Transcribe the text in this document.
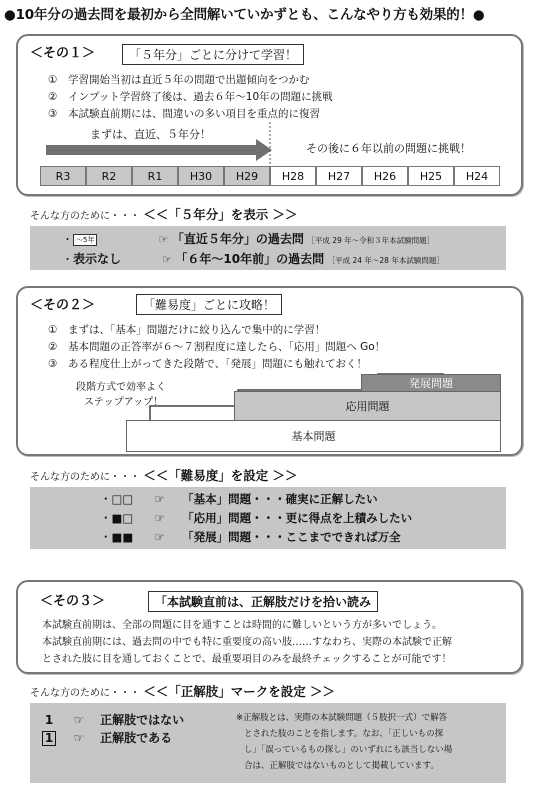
●10年分の過去問を最初から全問解いていかずとも、こんなやり方も効果的！●
＜その１＞	「５年分」ごとに分けて学習！
① 学習開始当初は直近５年の問題で出題傾向をつかむ
② インプット学習終了後は、過去６年～10年の問題に挑戦
③ 本試験直前期には、間違いの多い項目を重点的に復習
まずは、直近、５年分！
その後に６年以前の問題に挑戦！
R3	R2	R1	H30	H29	H28	H27	H26	H25	H24
そんな方のために・・・ ＜＜「５年分」を表示 ＞＞
・ ～5年	☞ 「直近５年分」の過去問 ［平成 29 年～令和３年本試験問題］
・表示なし	☞ 「６年～10年前」の過去問 ［平成 24 年～28 年本試験問題］
＜その２＞	「難易度」ごとに攻略！
① まずは、「基本」問題だけに絞り込んで集中的に学習！
② 基本問題の正答率が６～７割程度に達したら、「応用」問題へ Go！
③ ある程度仕上がってきた段階で、「発展」問題にも触れておく！
段階方式で効率よく
ステップアップ！
発展問題
応用問題
基本問題
そんな方のために・・・ ＜＜「難易度」を設定 ＞＞
・□□ ☞ 「基本」問題・・・確実に正解したい
・■□ ☞ 「応用」問題・・・更に得点を上積みしたい
・■■ ☞ 「発展」問題・・・ここまでできれば万全
＜その３＞	「本試験直前は、正解肢だけを拾い読み
本試験直前期は、全部の問題に目を通すことは時間的に難しいという方が多いでしょう。
本試験直前期には、過去問の中でも特に重要度の高い肢……すなわち、実際の本試験で正解
とされた肢に目を通しておくことで、最重要項目のみを最終チェックすることが可能です！
そんな方のために・・・ ＜＜「正解肢」マークを設定 ＞＞
1 ☞ 正解肢ではない
1 ☞ 正解肢である
※正解肢とは、実際の本試験問題（５肢択一式）で解答
とされた肢のことを指します。なお、「正しいもの探
し」「誤っているもの探し」のいずれにも該当しない場
合は、正解肢ではないものとして掲載しています。
